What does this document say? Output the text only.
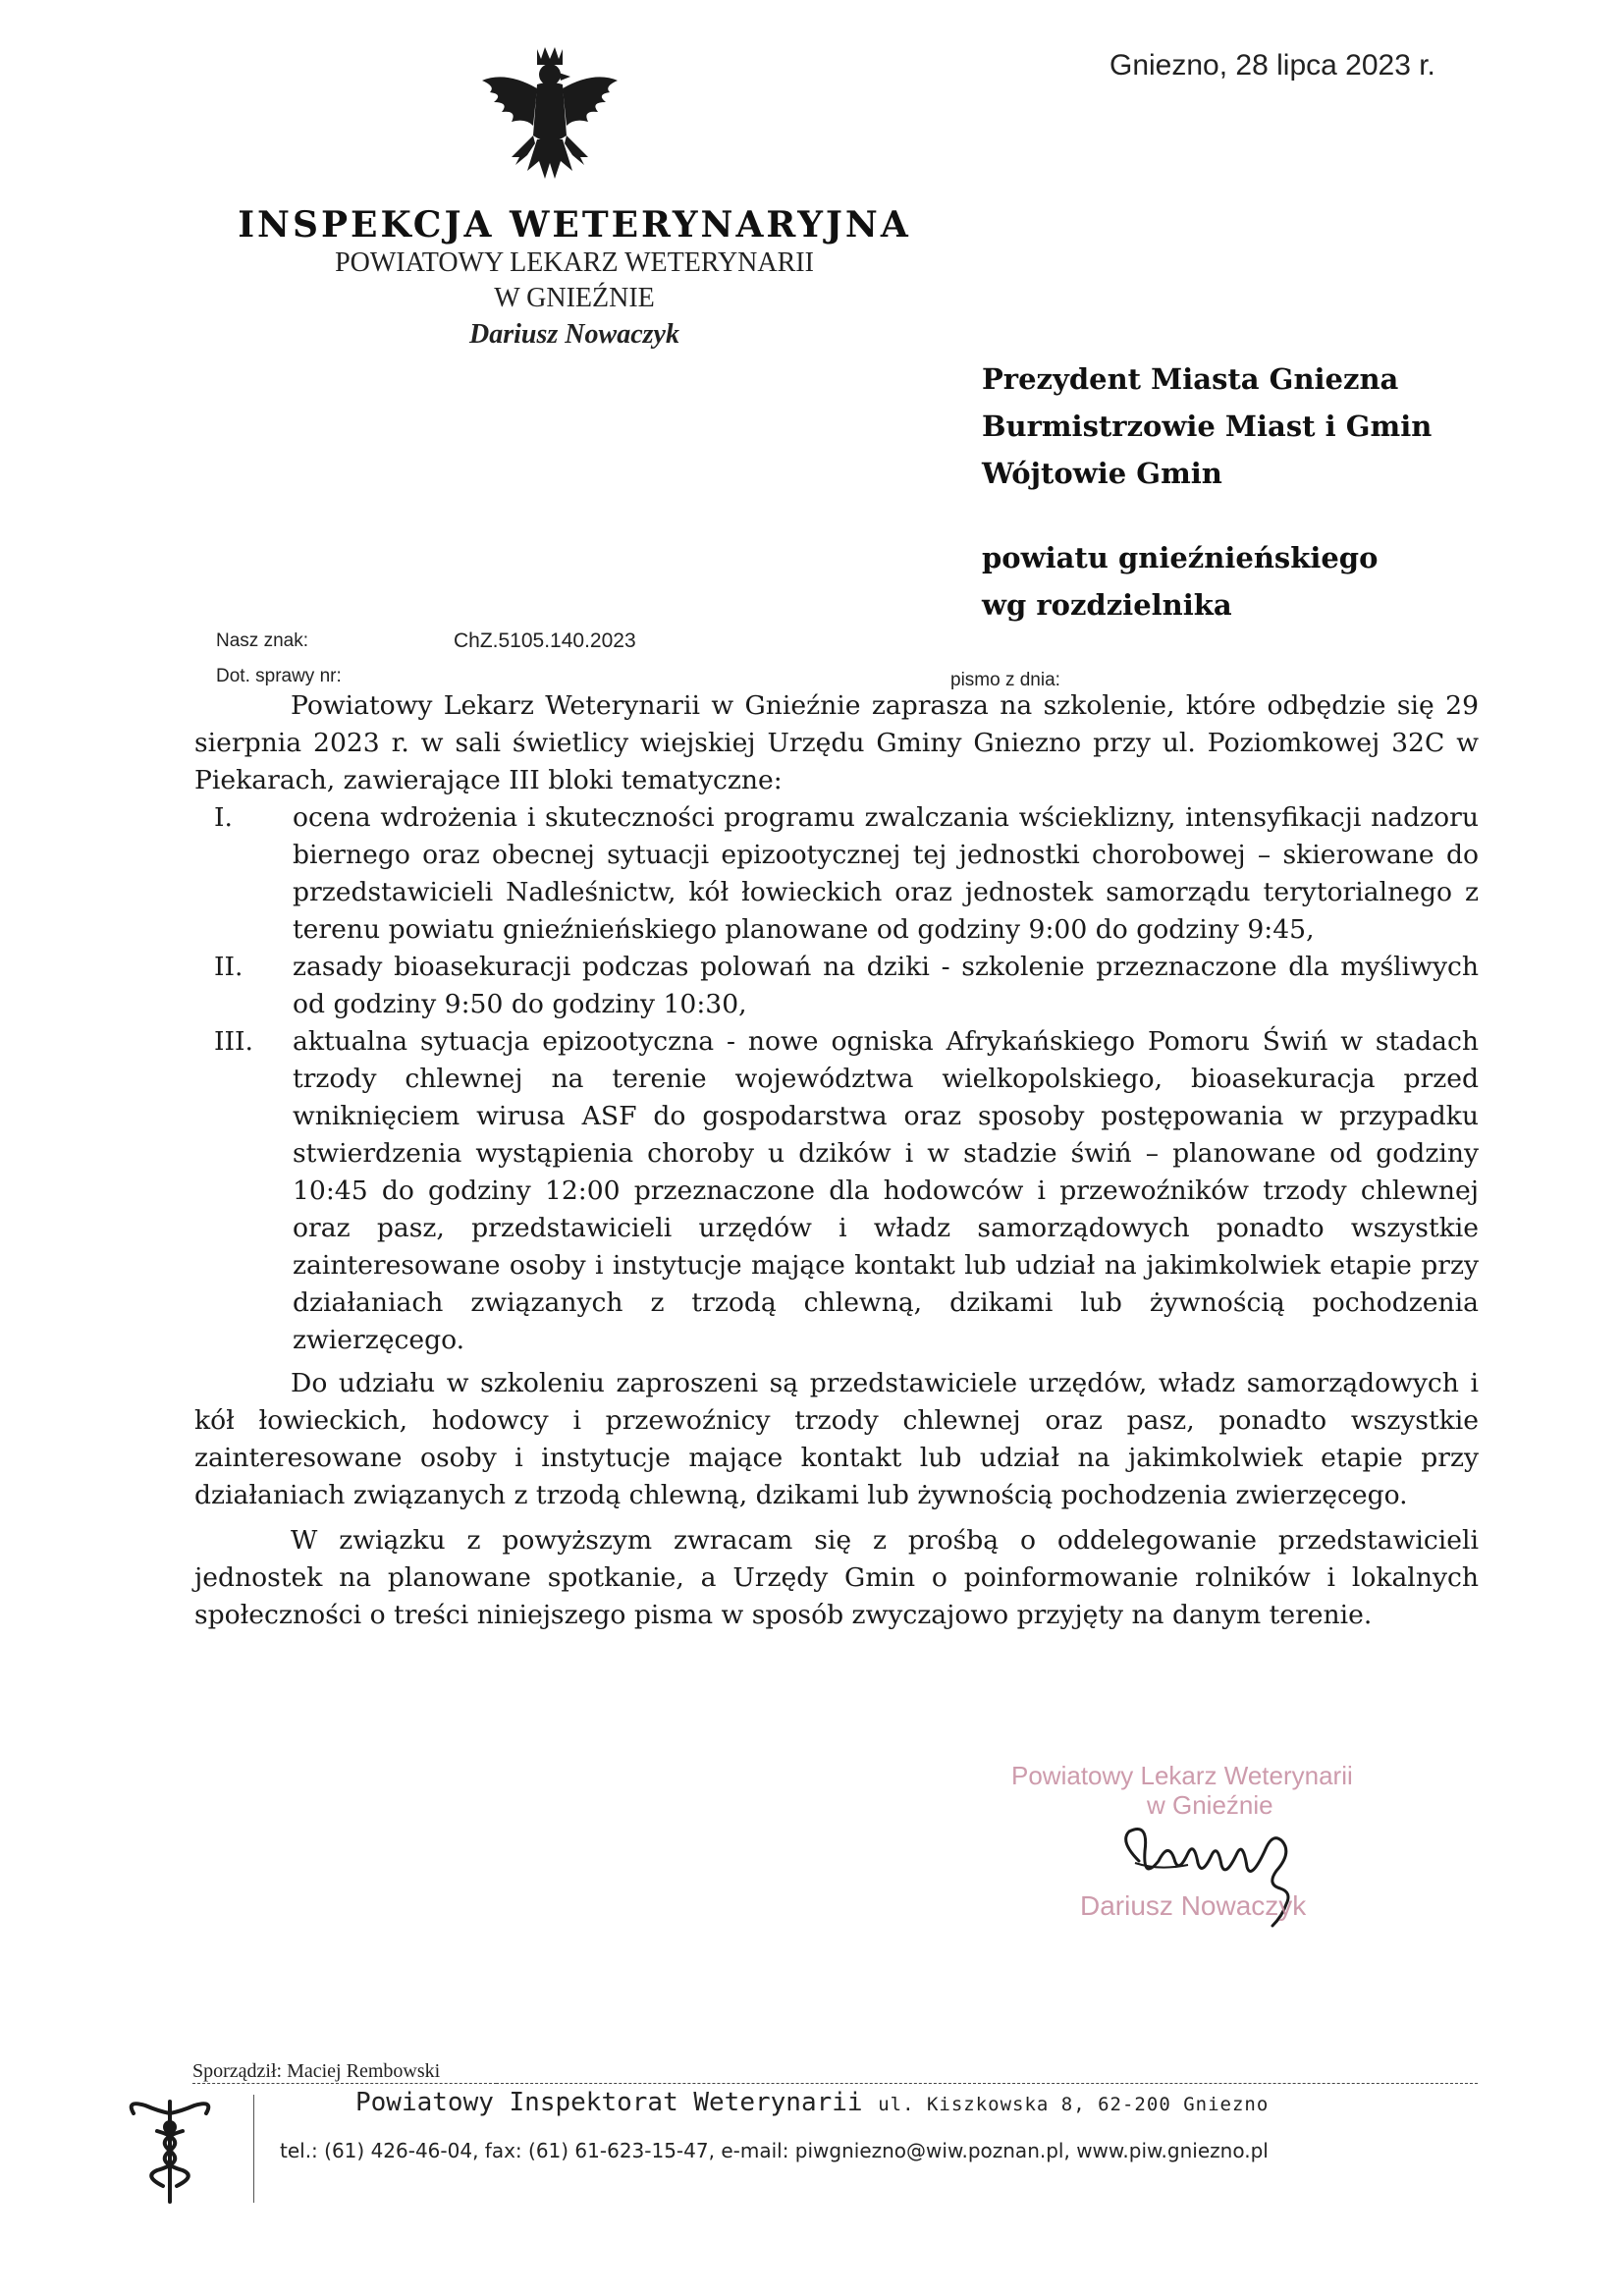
Gniezno, 28 lipca 2023 r.
INSPEKCJA WETERYNARYJNA
POWIATOWY LEKARZ WETERYNARII
W GNIEŹNIE
Dariusz Nowaczyk
Prezydent Miasta Gniezna
Burmistrzowie Miast i Gmin
Wójtowie Gmin
powiatu gnieźnieńskiego
wg rozdzielnika
Nasz znak:	ChZ.5105.140.2023
Dot. sprawy nr:	pismo z dnia:

Powiatowy Lekarz Weterynarii w Gnieźnie zaprasza na szkolenie, które odbędzie się 29 sierpnia 2023 r. w sali świetlicy wiejskiej Urzędu Gminy Gniezno przy ul. Poziomkowej 32C w Piekarach, zawierające III bloki tematyczne:

I.	ocena wdrożenia i skuteczności programu zwalczania wścieklizny, intensyfikacji nadzoru biernego oraz obecnej sytuacji epizootycznej tej jednostki chorobowej – skierowane do przedstawicieli Nadleśnictw, kół łowieckich oraz jednostek samorządu terytorialnego z terenu powiatu gnieźnieńskiego planowane od godziny 9:00 do godziny 9:45,
II.	zasady bioasekuracji podczas polowań na dziki - szkolenie przeznaczone dla myśliwych od godziny 9:50 do godziny 10:30,
III.	aktualna sytuacja epizootyczna - nowe ogniska Afrykańskiego Pomoru Świń w stadach trzody chlewnej na terenie województwa wielkopolskiego, bioasekuracja przed wniknięciem wirusa ASF do gospodarstwa oraz sposoby postępowania w przypadku stwierdzenia wystąpienia choroby u dzików i w stadzie świń – planowane od godziny 10:45 do godziny 12:00 przeznaczone dla hodowców i przewoźników trzody chlewnej oraz pasz, przedstawicieli urzędów i władz samorządowych ponadto wszystkie zainteresowane osoby i instytucje mające kontakt lub udział na jakimkolwiek etapie przy działaniach związanych z trzodą chlewną, dzikami lub żywnością pochodzenia zwierzęcego.

Do udziału w szkoleniu zaproszeni są przedstawiciele urzędów, władz samorządowych i kół łowieckich, hodowcy i przewoźnicy trzody chlewnej oraz pasz, ponadto wszystkie zainteresowane osoby i instytucje mające kontakt lub udział na jakimkolwiek etapie przy działaniach związanych z trzodą chlewną, dzikami lub żywnością pochodzenia zwierzęcego.

W związku z powyższym zwracam się z prośbą o oddelegowanie przedstawicieli jednostek na planowane spotkanie, a Urzędy Gmin o poinformowanie rolników i lokalnych społeczności o treści niniejszego pisma w sposób zwyczajowo przyjęty na danym terenie.

Powiatowy Lekarz Weterynarii
w Gnieźnie
Dariusz Nowaczyk
Sporządził: Maciej Rembowski
Powiatowy Inspektorat Weterynarii ul. Kiszkowska 8, 62-200 Gniezno
tel.: (61) 426-46-04, fax: (61) 61-623-15-47, e-mail: piwgniezno@wiw.poznan.pl, www.piw.gniezno.pl
